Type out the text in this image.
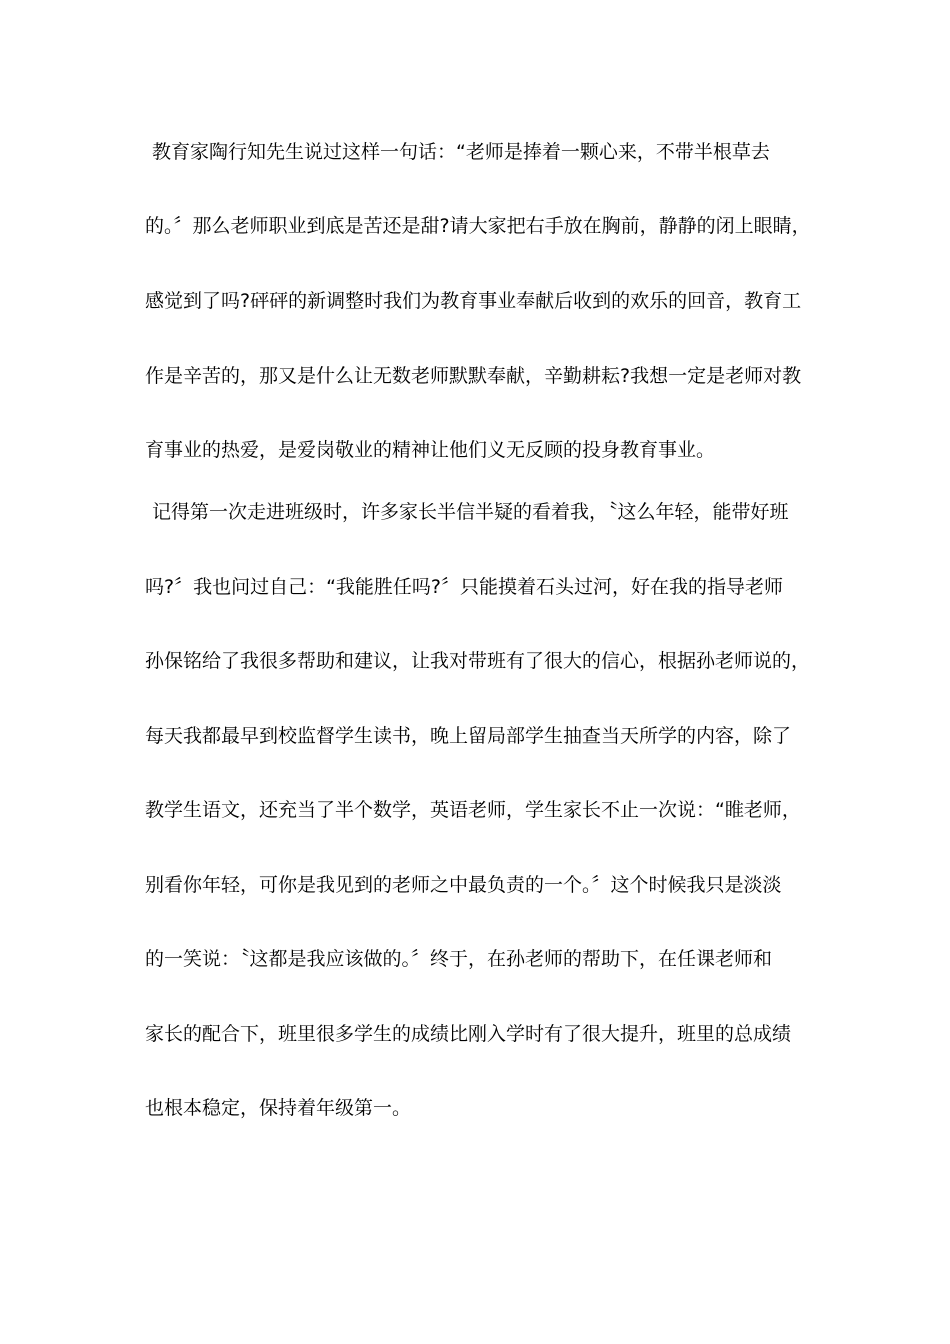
教育家陶行知先生说过这样一句话：“老师是捧着一颗心来，不带半根草去
的。〞那么老师职业到底是苦还是甜?请大家把右手放在胸前，静静的闭上眼睛，
感觉到了吗?砰砰的新调整时我们为教育事业奉献后收到的欢乐的回音，教育工
作是辛苦的，那又是什么让无数老师默默奉献，辛勤耕耘?我想一定是老师对教
育事业的热爱，是爱岗敬业的精神让他们义无反顾的投身教育事业。
记得第一次走进班级时，许多家长半信半疑的看着我，〝这么年轻，能带好班
吗?〞我也问过自己：“我能胜任吗?〞只能摸着石头过河，好在我的指导老师
孙保铭给了我很多帮助和建议，让我对带班有了很大的信心，根据孙老师说的，
每天我都最早到校监督学生读书，晚上留局部学生抽查当天所学的内容，除了
教学生语文，还充当了半个数学，英语老师，学生家长不止一次说：“睢老师，
别看你年轻，可你是我见到的老师之中最负责的一个。〞这个时候我只是淡淡
的一笑说：〝这都是我应该做的。〞终于，在孙老师的帮助下，在任课老师和
家长的配合下，班里很多学生的成绩比刚入学时有了很大提升，班里的总成绩
也根本稳定，保持着年级第一。
